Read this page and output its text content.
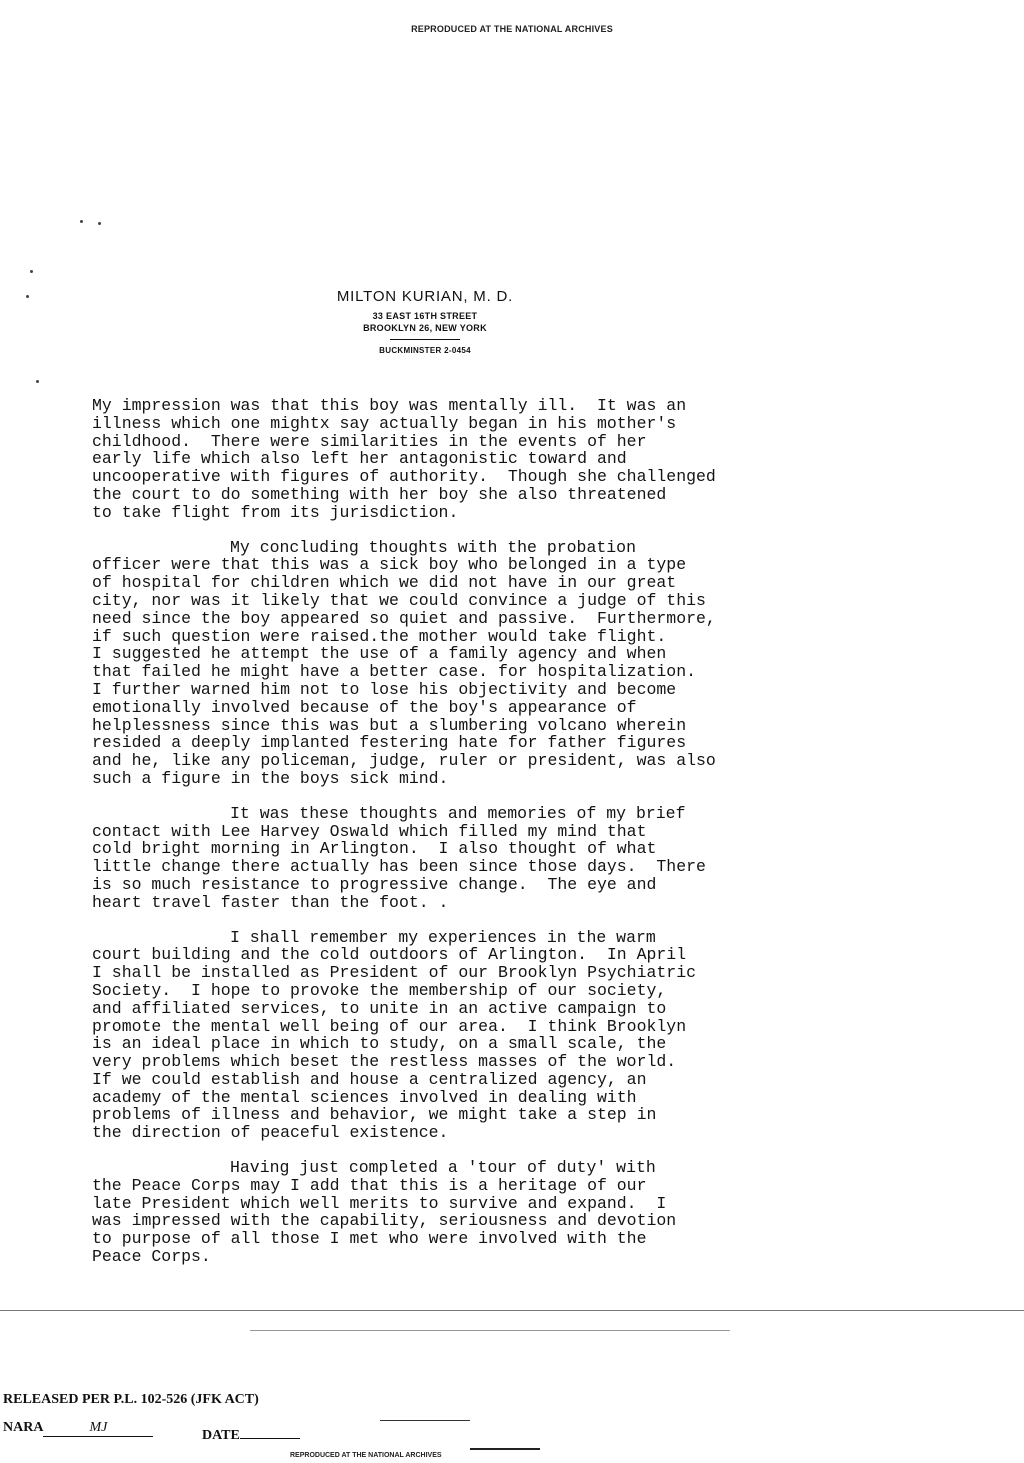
REPRODUCED AT THE NATIONAL ARCHIVES
MILTON KURIAN, M. D.
33 EAST 16TH STREET
BROOKLYN 26, NEW YORK
BUCKMINSTER 2-0454
My impression was that this boy was mentally ill.  It was an
illness which one mightx say actually began in his mother's
childhood.  There were similarities in the events of her
early life which also left her antagonistic toward and
uncooperative with figures of authority.  Though she challenged
the court to do something with her boy she also threatened
to take flight from its jurisdiction.
My concluding thoughts with the probation
officer were that this was a sick boy who belonged in a type
of hospital for children which we did not have in our great
city, nor was it likely that we could convince a judge of this
need since the boy appeared so quiet and passive.  Furthermore,
if such question were raised.the mother would take flight.
I suggested he attempt the use of a family agency and when
that failed he might have a better case. for hospitalization.
I further warned him not to lose his objectivity and become
emotionally involved because of the boy's appearance of
helplessness since this was but a slumbering volcano wherein
resided a deeply implanted festering hate for father figures
and he, like any policeman, judge, ruler or president, was also
such a figure in the boys sick mind.
It was these thoughts and memories of my brief
contact with Lee Harvey Oswald which filled my mind that
cold bright morning in Arlington.  I also thought of what
little change there actually has been since those days.  There
is so much resistance to progressive change.  The eye and
heart travel faster than the foot. .
I shall remember my experiences in the warm
court building and the cold outdoors of Arlington.  In April
I shall be installed as President of our Brooklyn Psychiatric
Society.  I hope to provoke the membership of our society,
and affiliated services, to unite in an active campaign to
promote the mental well being of our area.  I think Brooklyn
is an ideal place in which to study, on a small scale, the
very problems which beset the restless masses of the world.
If we could establish and house a centralized agency, an
academy of the mental sciences involved in dealing with
problems of illness and behavior, we might take a step in
the direction of peaceful existence.
Having just completed a 'tour of duty' with
the Peace Corps may I add that this is a heritage of our
late President which well merits to survive and expand.  I
was impressed with the capability, seriousness and devotion
to purpose of all those I met who were involved with the
Peace Corps.
RELEASED PER P.L. 102-526 (JFK ACT)
NARA	MJ
DATE
REPRODUCED AT THE NATIONAL ARCHIVES
